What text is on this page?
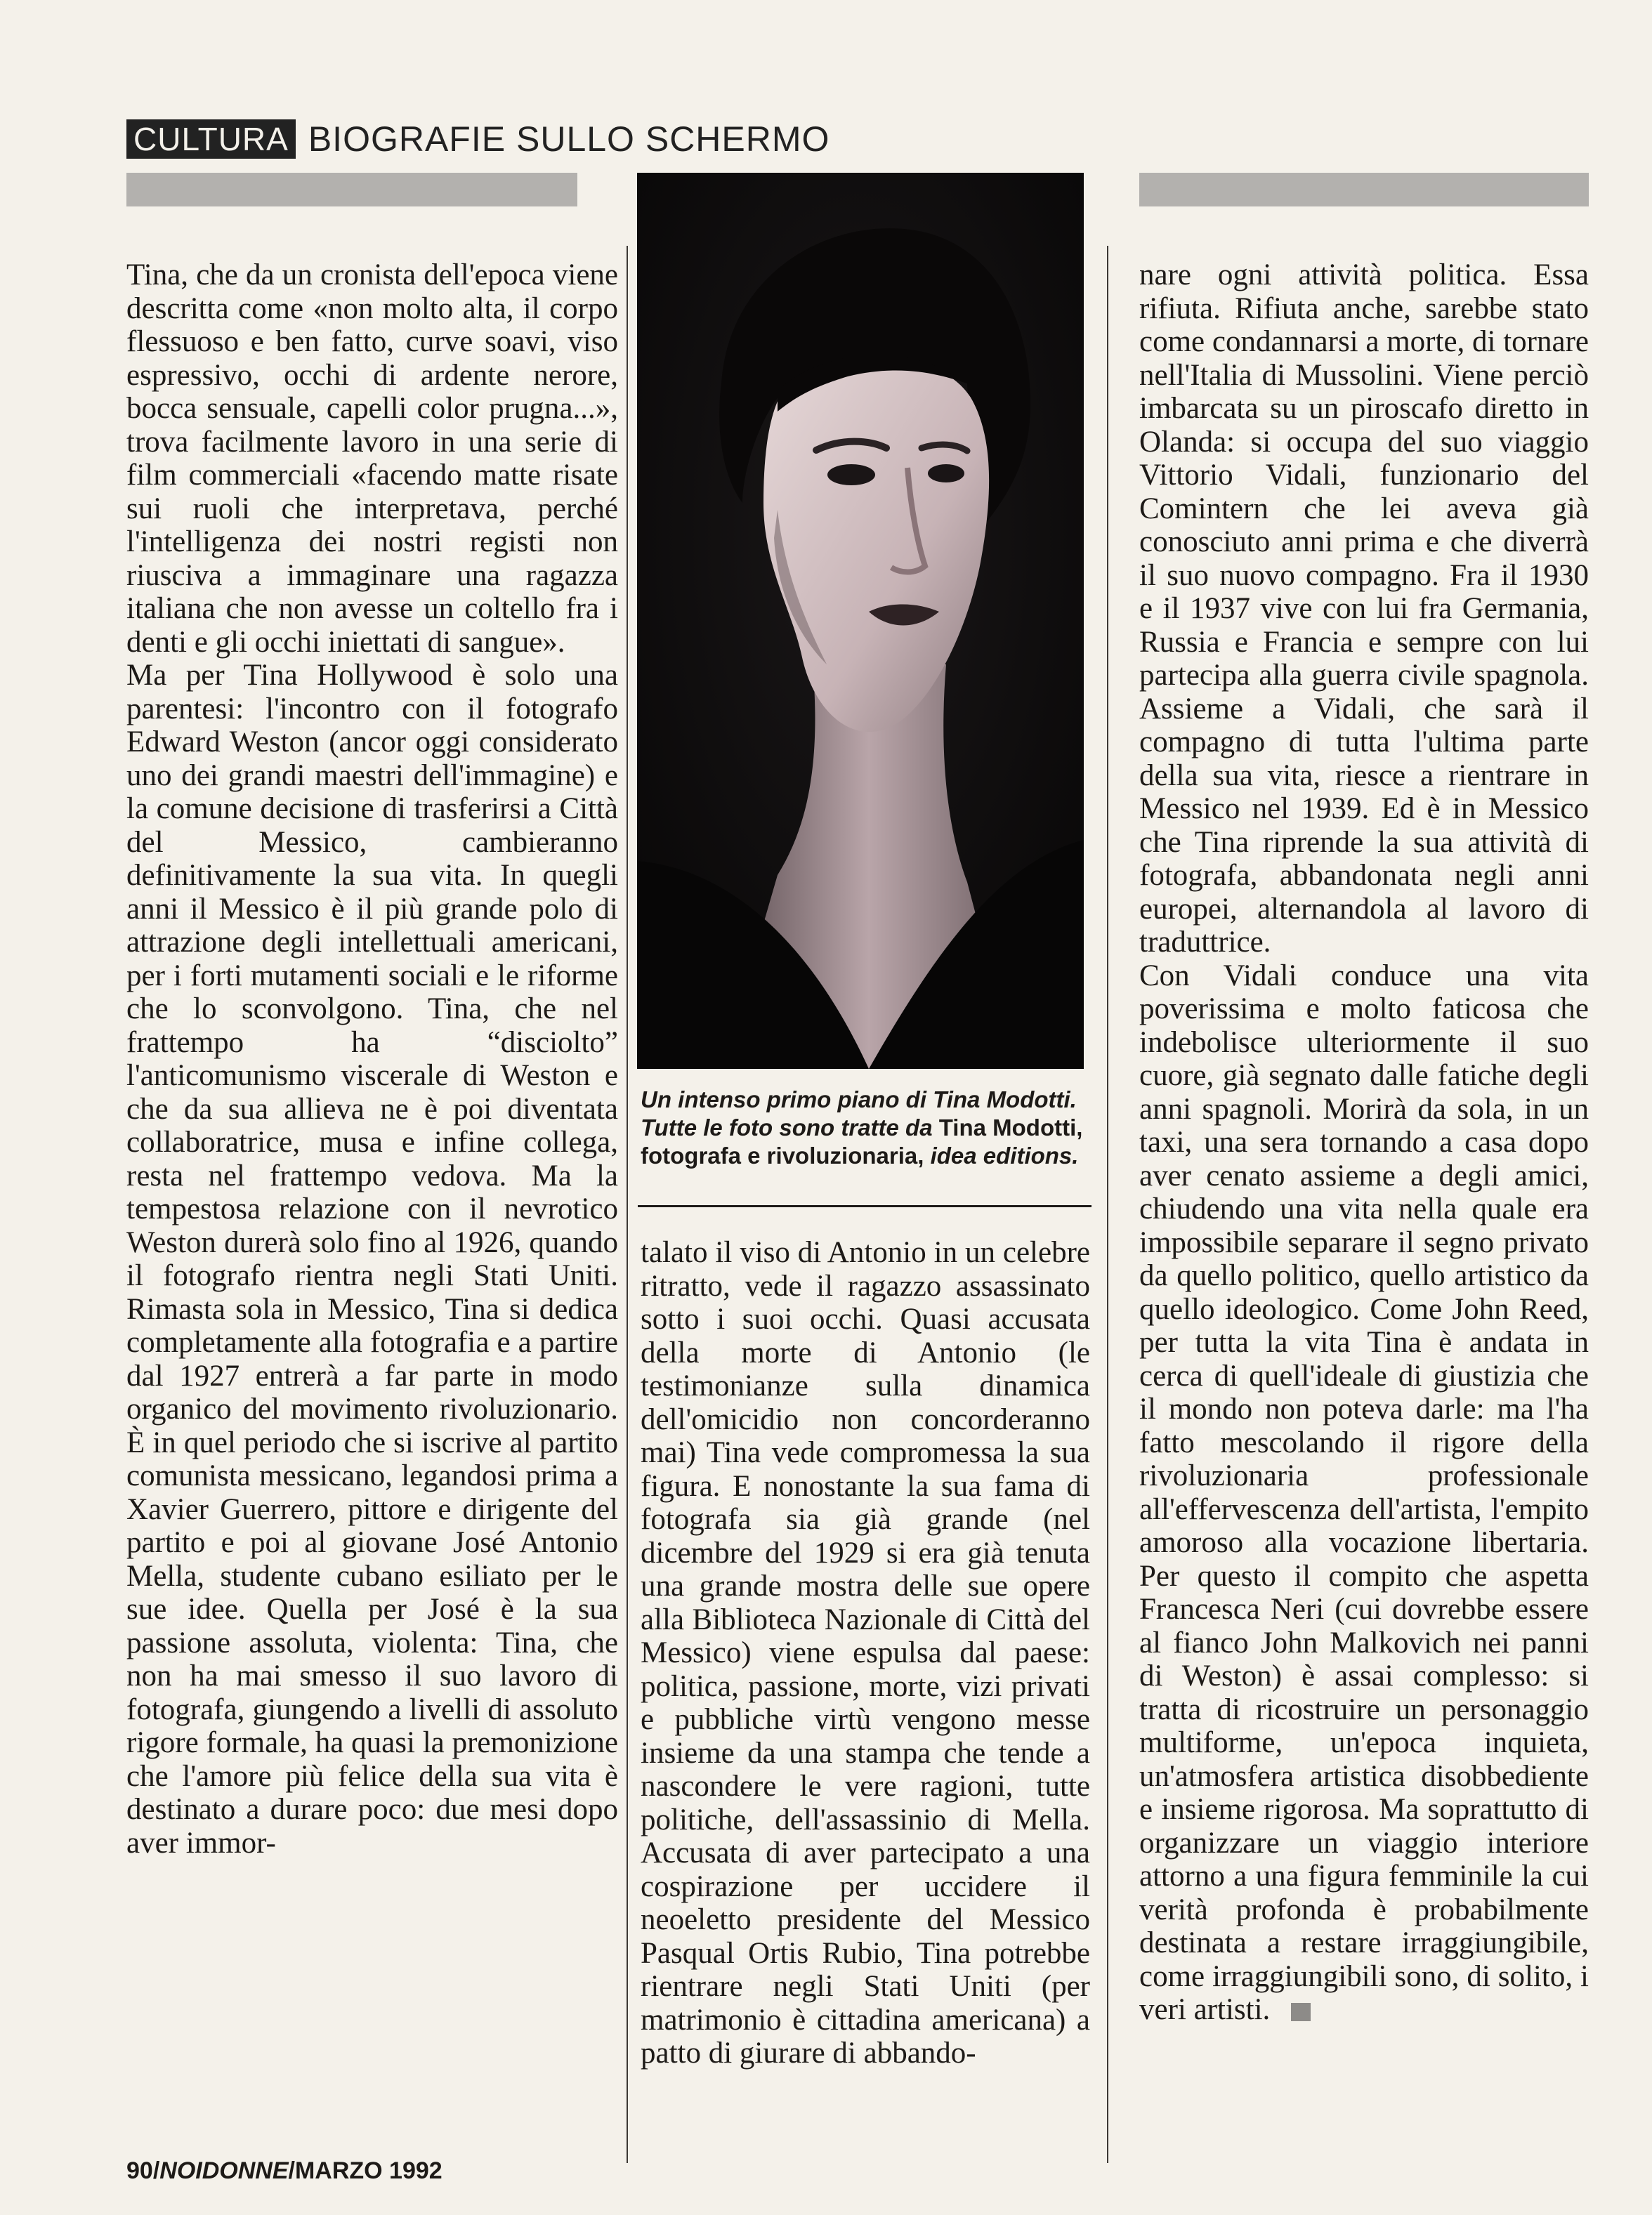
CULTURA BIOGRAFIE SULLO SCHERMO

Tina, che da un cronista dell'epoca viene descritta come «non molto alta, il corpo flessuoso e ben fatto, curve soavi, viso espressivo, occhi di ardente nerore, bocca sensuale, capelli color prugna...», trova facilmente lavoro in una serie di film commerciali «facendo matte risate sui ruoli che interpretava, perché l'intelligenza dei nostri registi non riusciva a immaginare una ragazza italiana che non avesse un coltello fra i denti e gli occhi iniettati di sangue».

Ma per Tina Hollywood è solo una parentesi: l'incontro con il fotografo Edward Weston (ancor oggi considerato uno dei grandi maestri dell'immagine) e la comune decisione di trasferirsi a Città del Messico, cambieranno definitivamente la sua vita. In quegli anni il Messico è il più grande polo di attrazione degli intellettuali americani, per i forti mutamenti sociali e le riforme che lo sconvolgono. Tina, che nel frattempo ha “disciolto” l'anticomunismo viscerale di Weston e che da sua allieva ne è poi diventata collaboratrice, musa e infine collega, resta nel frattempo vedova. Ma la tempestosa relazione con il nevrotico Weston durerà solo fino al 1926, quando il fotografo rientra negli Stati Uniti. Rimasta sola in Messico, Tina si dedica completamente alla fotografia e a partire dal 1927 entrerà a far parte in modo organico del movimento rivoluzionario. È in quel periodo che si iscrive al partito comunista messicano, legandosi prima a Xavier Guerrero, pittore e dirigente del partito e poi al giovane José Antonio Mella, studente cubano esiliato per le sue idee. Quella per José è la sua passione assoluta, violenta: Tina, che non ha mai smesso il suo lavoro di fotografa, giungendo a livelli di assoluto rigore formale, ha quasi la premonizione che l'amore più felice della sua vita è destinato a durare poco: due mesi dopo aver immor-

Un intenso primo piano di Tina Modotti. Tutte le foto sono tratte da Tina Modotti, fotografa e rivoluzionaria, idea editions.

talato il viso di Antonio in un celebre ritratto, vede il ragazzo assassinato sotto i suoi occhi. Quasi accusata della morte di Antonio (le testimonianze sulla dinamica dell'omicidio non concorderanno mai) Tina vede compromessa la sua figura. E nonostante la sua fama di fotografa sia già grande (nel dicembre del 1929 si era già tenuta una grande mostra delle sue opere alla Biblioteca Nazionale di Città del Messico) viene espulsa dal paese: politica, passione, morte, vizi privati e pubbliche virtù vengono messe insieme da una stampa che tende a nascondere le vere ragioni, tutte politiche, dell'assassinio di Mella. Accusata di aver partecipato a una cospirazione per uccidere il neoeletto presidente del Messico Pasqual Ortis Rubio, Tina potrebbe rientrare negli Stati Uniti (per matrimonio è cittadina americana) a patto di giurare di abbando-

nare ogni attività politica. Essa rifiuta. Rifiuta anche, sarebbe stato come condannarsi a morte, di tornare nell'Italia di Mussolini. Viene perciò imbarcata su un piroscafo diretto in Olanda: si occupa del suo viaggio Vittorio Vidali, funzionario del Comintern che lei aveva già conosciuto anni prima e che diverrà il suo nuovo compagno. Fra il 1930 e il 1937 vive con lui fra Germania, Russia e Francia e sempre con lui partecipa alla guerra civile spagnola. Assieme a Vidali, che sarà il compagno di tutta l'ultima parte della sua vita, riesce a rientrare in Messico nel 1939. Ed è in Messico che Tina riprende la sua attività di fotografa, abbandonata negli anni europei, alternandola al lavoro di traduttrice.

Con Vidali conduce una vita poverissima e molto faticosa che indebolisce ulteriormente il suo cuore, già segnato dalle fatiche degli anni spagnoli. Morirà da sola, in un taxi, una sera tornando a casa dopo aver cenato assieme a degli amici, chiudendo una vita nella quale era impossibile separare il segno privato da quello politico, quello artistico da quello ideologico. Come John Reed, per tutta la vita Tina è andata in cerca di quell'ideale di giustizia che il mondo non poteva darle: ma l'ha fatto mescolando il rigore della rivoluzionaria professionale all'effervescenza dell'artista, l'empito amoroso alla vocazione libertaria. Per questo il compito che aspetta Francesca Neri (cui dovrebbe essere al fianco John Malkovich nei panni di Weston) è assai complesso: si tratta di ricostruire un personaggio multiforme, un'epoca inquieta, un'atmosfera artistica disobbediente e insieme rigorosa. Ma soprattutto di organizzare un viaggio interiore attorno a una figura femminile la cui verità profonda è probabilmente destinata a restare irraggiungibile, come irraggiungibili sono, di solito, i veri artisti.

90/NOIDONNE/MARZO 1992
